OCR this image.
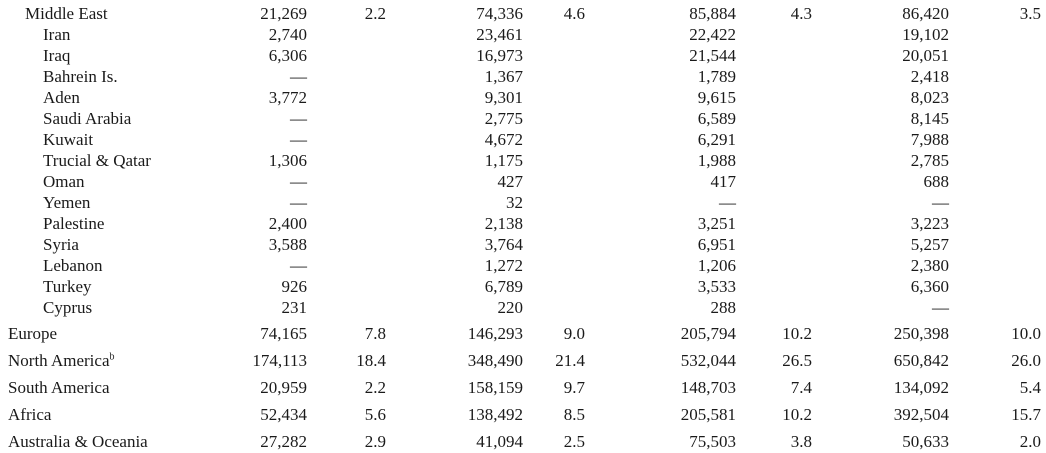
Middle East	21,269	2.2	74,336 4.6	85,884	4.3	86,420	3.5
Iran	2,740	23,461	22,422	19,102
Iraq	6,306	16,973	21,544	20,051
Bahrein Is.	—	1,367	1,789	2,418
Aden	3,772	9,301	9,615	8,023
Saudi Arabia	—	2,775	6,589	8,145
Kuwait	—	4,672	6,291	7,988
Trucial & Qatar	1,306	1,175	1,988	2,785
Oman	—	427	417	688
Yemen	—	32	—	—
Palestine	2,400	2,138	3,251	3,223
Syria	3,588	3,764	6,951	5,257
Lebanon	—	1,272	1,206	2,380
Turkey	926	6,789	3,533	6,360
Cyprus	231	220	288	—
Europe	74,165	7.8	146,293 9.0	205,794	10.2	250,398	10.0
North America$^b$	174,113	18.4	348,490 21.4	532,044	26.5	650,842	26.0
South America	20,959	2.2	158,159 9.7	148,703	7.4	134,092	5.4
Africa	52,434	5.6	138,492 8.5	205,581	10.2	392,504	15.7
Australia & Oceania	27,282	2.9	41,094 2.5	75,503	3.8	50,633	2.0
